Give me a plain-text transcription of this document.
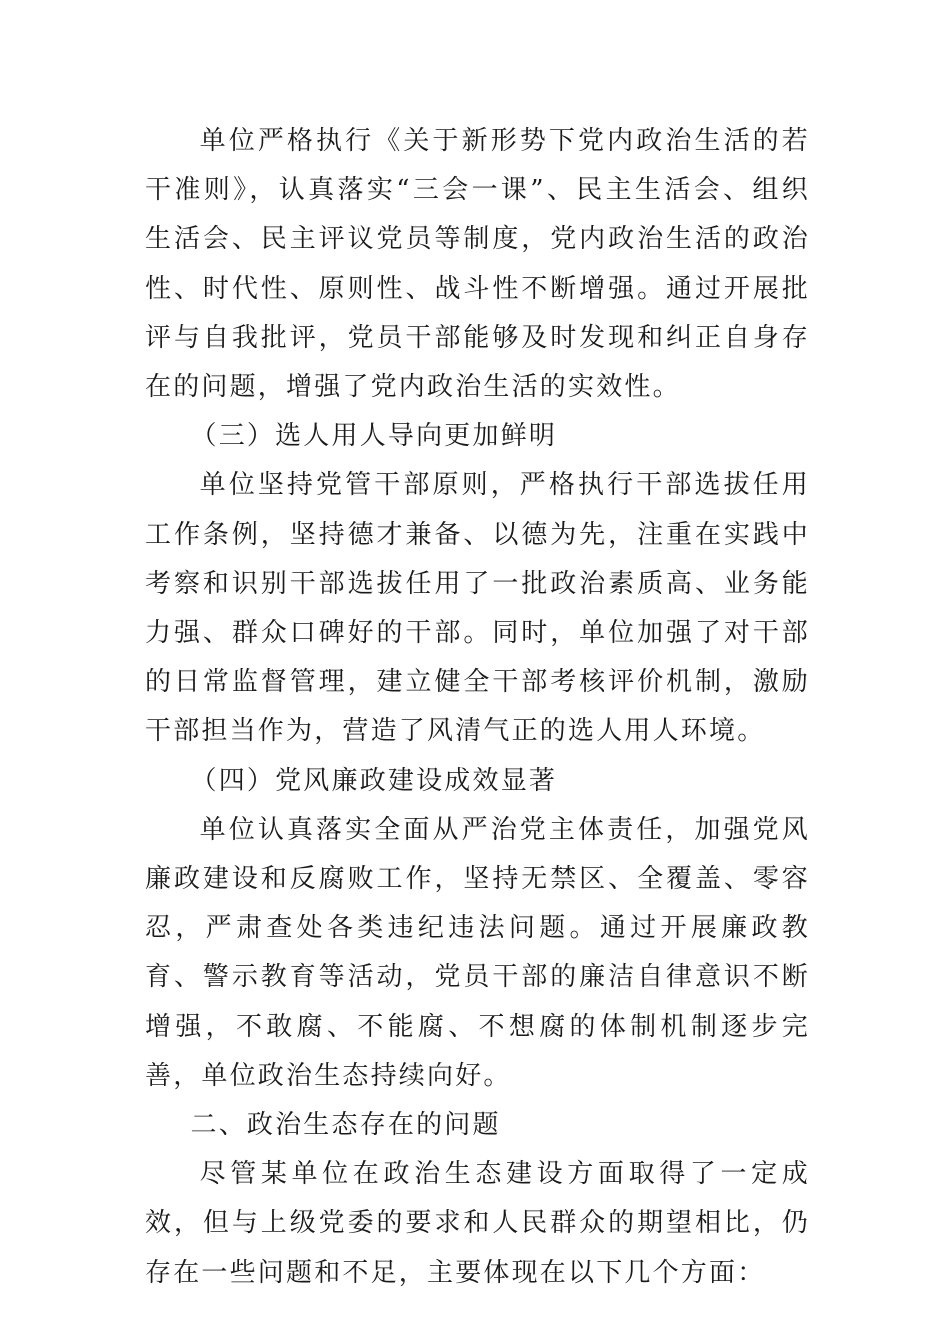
单位严格执行《关于新形势下党内政治生活的若干准则》，认真落实“三会一课”、民主生活会、组织生活会、民主评议党员等制度，党内政治生活的政治性、时代性、原则性、战斗性不断增强。通过开展批评与自我批评，党员干部能够及时发现和纠正自身存在的问题，增强了党内政治生活的实效性。

（三）选人用人导向更加鲜明

单位坚持党管干部原则，严格执行干部选拔任用工作条例，坚持德才兼备、以德为先，注重在实践中考察和识别干部选拔任用了一批政治素质高、业务能力强、群众口碑好的干部。同时，单位加强了对干部的日常监督管理，建立健全干部考核评价机制，激励干部担当作为，营造了风清气正的选人用人环境。

（四）党风廉政建设成效显著

单位认真落实全面从严治党主体责任，加强党风廉政建设和反腐败工作，坚持无禁区、全覆盖、零容忍，严肃查处各类违纪违法问题。通过开展廉政教育、警示教育等活动，党员干部的廉洁自律意识不断增强，不敢腐、不能腐、不想腐的体制机制逐步完善，单位政治生态持续向好。

二、政治生态存在的问题

尽管某单位在政治生态建设方面取得了一定成效，但与上级党委的要求和人民群众的期望相比，仍存在一些问题和不足，主要体现在以下几个方面：
